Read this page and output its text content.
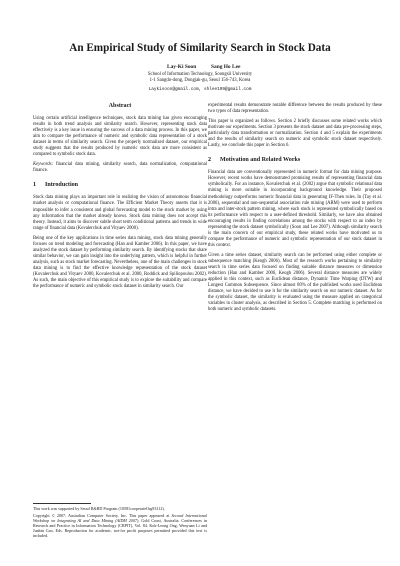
An Empirical Study of Similarity Search in Stock Data
Lay-Ki Soon	Sang Ho Lee
School of Information Technology, Soongsil University
1-1 Sangdo-dong, Dongjak-gu, Seoul 156-743, Korea
Laykisoon@gmail.com, shlee199@gmail.com
Abstract

Using certain artificial intelligence techniques, stock data mining has given encouraging results in both trend analysis and similarity search. However, representing stock data effectively is a key issue in ensuring the success of a data mining process. In this paper, we aim to compare the performance of numeric and symbolic data representation of a stock dataset in terms of similarity search. Given the properly normalized dataset, our empirical study suggests that the results produced by numeric stock data are more consistent as compared to symbolic stock data.

Keywords: financial data mining, similarity search, data normalization, computational finance.

1 Introduction

Stock data mining plays an important role in realizing the vision of autonomous financial market analysis or computational finance. The Efficient Market Theory asserts that it is impossible to infer a consistent and global forecasting model to the stock market by using any information that the market already knows. Stock data mining does not accept this theory. Instead, it aims to discover subtle short term conditional patterns and trends in wide range of financial data (Kovalerchuk and Vityaev 2000).

Being one of the key applications in time series data mining, stock data mining generally focuses on trend modeling and forecasting (Han and Kamber 2006). In this paper, we have analyzed the stock dataset by performing similarity search. By identifying stocks that share similar behavior, we can gain insight into the underlying pattern, which is helpful in further analysis, such as stock market forecasting. Nevertheless, one of the main challenges in stock data mining is to find the effective knowledge representation of the stock dataset (Kovalerchuk and Vityaev 2000, Kovalerchuk et al. 2000, Roddick and Spiliopoulou 2002). As such, the main objective of this empirical study is to explore the suitability and compare the performance of numeric and symbolic stock dataset in similarity search. Our

This work was supported by Seoul R&BD Program (10581cooperateOrg93112).

Copyright © 2007, Australian Computer Society, Inc. This paper appeared at Second International Workshop on Integrating AI and Data Mining (AIDM 2007), Gold Coast, Australia. Conferences in Research and Practice in Information Technology (CRPIT), Vol. 84. Kok-Leong Ong, Wenyuan Li and Junbin Gao, Eds. Reproduction for academic, not-for profit purposes permitted provided this text is included.

experimental results demonstrate notable difference between the results produced by these two types of data representation.

This paper is organized as follows. Section 2 briefly discusses some related works which motivate our experiments. Section 3 presents the stock dataset and data pre-processing steps, particularly data transformation or normalization. Section 4 and 5 explain the experiments and the results of similarity search on numeric and symbolic stock dataset respectively. Lastly, we conclude this paper in Section 6.

2 Motivation and Related Works

Financial data are conventionally represented in numeric format for data mining purpose. However, recent works have demonstrated promising results of representing financial data symbolically. For an instance, Kovalerchuk et al. (2002) argue that symbolic relational data mining is more suitable in incorporating background knowledge. Their proposed methodology outperforms numeric financial data in generating IF-Then rules. In (Tay et al. 2006), sequential and non-sequential association rule mining (ARM) were used to perform intra and inter-stock pattern mining, where each stock is represented symbolically based on its performance with respect to a user-defined threshold. Similarly, we have also obtained encouraging results in finding correlations among the stocks with respect to an index by representing the stock dataset symbolically (Soon and Lee 2007). Although similarity search is the main concern of our empirical study, these related works have motivated us to compare the performance of numeric and symbolic representation of our stock dataset in this context.

Given a time series dataset, similarity search can be performed using either complete or subsequence matching (Keogh 2006). Most of the research works pertaining to similarity search in time series data focused on finding suitable distance measures or dimension reduction (Han and Kamber 2006, Keogh 2006). Several distance measures are widely applied in this context, such as Euclidean distance, Dynamic Time Warping (DTW) and Longest Common Subsequence. Since almost 80% of the published works used Euclidean distance, we have decided to use it for the similarity search on our numeric dataset. As for the symbolic dataset, the similarity is evaluated using the measure applied on categorical variables in cluster analysis, as described in Section 5. Complete matching is performed on both numeric and symbolic datasets.
